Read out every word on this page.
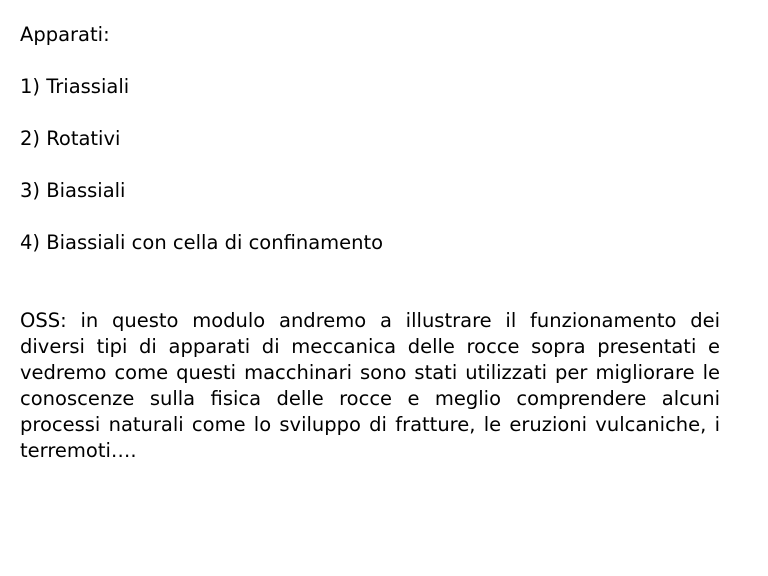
Apparati:

1) Triassiali
2) Rotativi
3) Biassiali
4) Biassiali con cella di confinamento

OSS: in questo modulo andremo a illustrare il funzionamento dei diversi tipi di apparati di meccanica delle rocce sopra presentati e vedremo come questi macchinari sono stati utilizzati per migliorare le conoscenze sulla fisica delle rocce e meglio comprendere alcuni processi naturali come lo sviluppo di fratture, le eruzioni vulcaniche, i terremoti….
